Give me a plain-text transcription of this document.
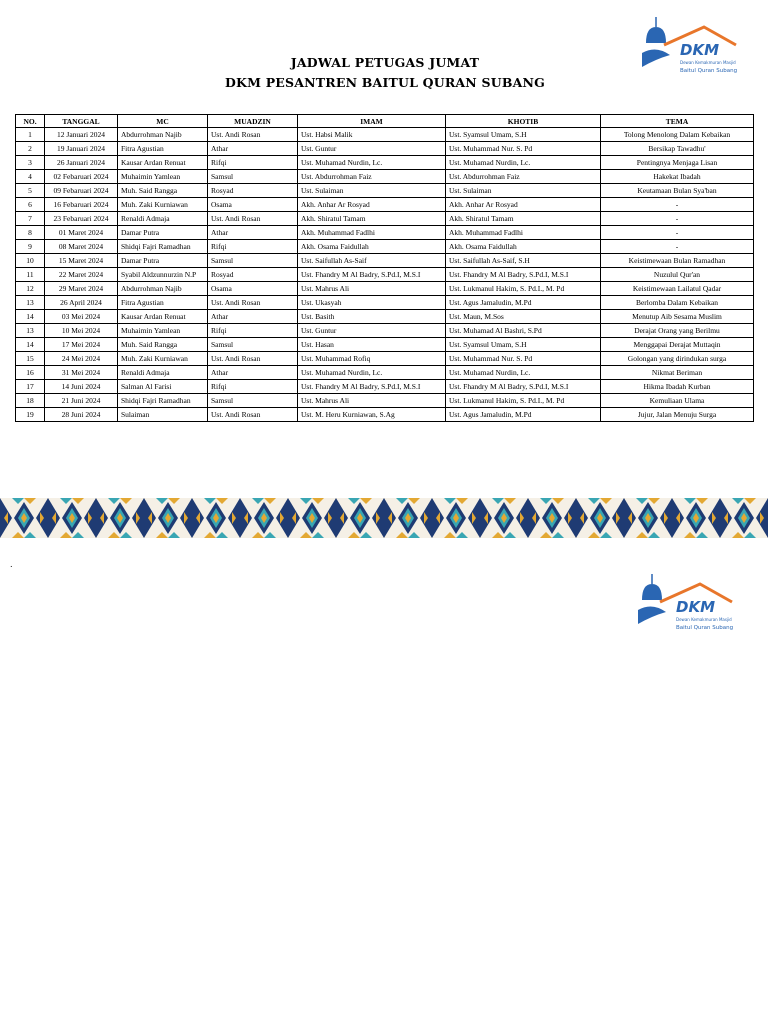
DKM
Dewan Kemakmuran Masjid
Baitul Quran Subang
JADWAL PETUGAS JUMAT
DKM PESANTREN BAITUL QURAN SUBANG
NO.	TANGGAL	MC	MUADZIN	IMAM	KHOTIB	TEMA
1	12 Januari 2024	Abdurrohman Najib	Ust. Andi Rosan	Ust. Habsi Malik	Ust. Syamsul Umam, S.H	Tolong Menolong Dalam Kebaikan
2	19 Januari 2024	Fitra Agustian	Athar	Ust. Guntur	Ust. Muhammad Nur. S. Pd	Bersikap Tawadhu'
3	26 Januari 2024	Kausar Ardan Renuat	Rifqi	Ust. Muhamad Nurdin, Lc.	Ust. Muhamad Nurdin, Lc.	Pentingnya Menjaga Lisan
4	02 Febaruari 2024	Muhaimin Yamlean	Samsul	Ust. Abdurrohman Faiz	Ust. Abdurrohman Faiz	Hakekat Ibadah
5	09 Febaruari 2024	Muh. Said Rangga	Rosyad	Ust. Sulaiman	Ust. Sulaiman	Keutamaan Bulan Sya'ban
6	16 Febaruari 2024	Muh. Zaki Kurniawan	Osama	Akh. Anhar Ar Rosyad	Akh. Anhar Ar Rosyad	-
7	23 Febaruari 2024	Renaldi Admaja	Ust. Andi Rosan	Akh. Shiratul Tamam	Akh. Shiratul Tamam	-
8	01 Maret 2024	Damar Putra	Athar	Akh. Muhammad Fadlhi	Akh. Muhammad Fadlhi	-
9	08 Maret 2024	Shidqi Fajri Ramadhan	Rifqi	Akh. Osama Faidullah	Akh. Osama Faidullah	-
10	15 Maret 2024	Damar Putra	Samsul	Ust. Saifullah As-Saif	Ust. Saifullah As-Saif, S.H	Keistimewaan Bulan Ramadhan
11	22 Maret 2024	Syabil Aldzunnurzin N.P	Rosyad	Ust. Fhandry M Al Badry, S.Pd.I, M.S.I	Ust. Fhandry M Al Badry, S.Pd.I, M.S.I	Nuzulul Qur'an
12	29 Maret 2024	Abdurrohman Najib	Osama	Ust. Mahrus Ali	Ust. Lukmanul Hakim, S. Pd.I., M. Pd	Keistimewaan Lailatul Qadar
13	26 April 2024	Fitra Agustian	Ust. Andi Rosan	Ust. Ukasyah	Ust. Agus Jamaludin, M.Pd	Berlomba Dalam Kebaikan
14	03 Mei 2024	Kausar Ardan Renuat	Athar	Ust. Basith	Ust. Maun, M.Sos	Menutup Aib Sesama Muslim
13	10 Mei 2024	Muhaimin Yamlean	Rifqi	Ust. Guntur	Ust. Muhamad Al Bashri, S.Pd	Derajat Orang yang Berilmu
14	17 Mei 2024	Muh. Said Rangga	Samsul	Ust. Hasan	Ust. Syamsul Umam, S.H	Menggapai Derajat Muttaqin
15	24 Mei 2024	Muh. Zaki Kurniawan	Ust. Andi Rosan	Ust. Muhammad Rofiq	Ust. Muhammad Nur. S. Pd	Golongan yang dirindukan surga
16	31 Mei 2024	Renaldi Admaja	Athar	Ust. Muhamad Nurdin, Lc.	Ust. Muhamad Nurdin, Lc.	Nikmat Beriman
17	14 Juni 2024	Salman Al Farisi	Rifqi	Ust. Fhandry M Al Badry, S.Pd.I, M.S.I	Ust. Fhandry M Al Badry, S.Pd.I, M.S.I	Hikma Ibadah Kurban
18	21 Juni 2024	Shidqi Fajri Ramadhan	Samsul	Ust. Mahrus Ali	Ust. Lukmanul Hakim, S. Pd.I., M. Pd	Kemuliaan Ulama
19	28 Juni 2024	Sulaiman	Ust. Andi Rosan	Ust. M. Heru Kurniawan, S.Ag	Ust. Agus Jamaludin, M.Pd	Jujur, Jalan Menuju Surga
.
DKM
Dewan Kemakmuran Masjid
Baitul Quran Subang
